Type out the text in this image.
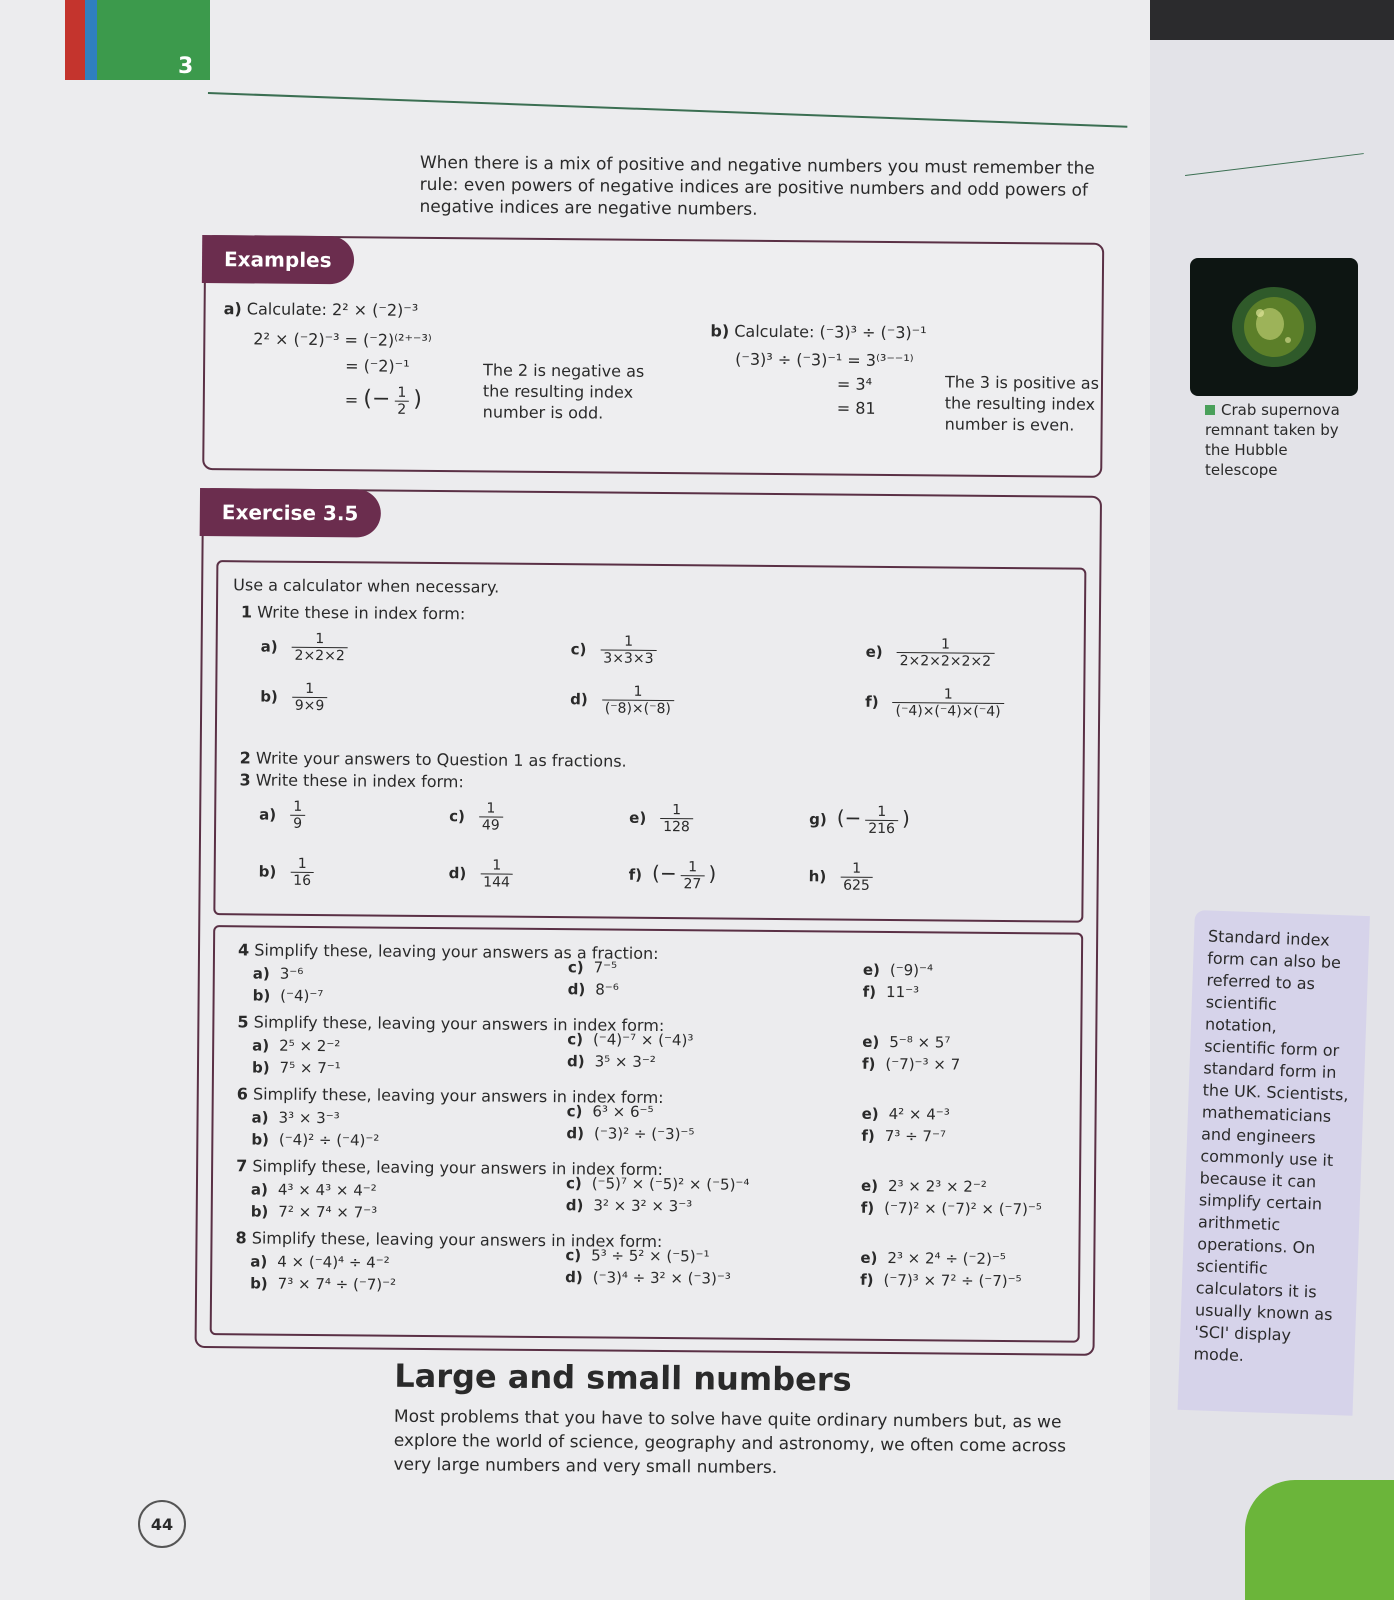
3
When there is a mix of positive and negative numbers you must remember the rule: even powers of negative indices are positive numbers and odd powers of negative indices are negative numbers.
a) Calculate: 2² × (⁻2)⁻³
2² × (⁻2)⁻³ = (⁻2)⁽²⁺⁻³⁾
= (⁻2)⁻¹
= (− $\frac{1}{2}$ )
The 2 is negative as the resulting index number is odd.
b) Calculate: (⁻3)³ ÷ (⁻3)⁻¹
(⁻3)³ ÷ (⁻3)⁻¹ = 3⁽³⁻⁻¹⁾
= 3⁴
= 81
The 3 is positive as the resulting index number is even.
Examples
Exercise 3.5
Use a calculator when necessary.
1 Write these in index form:
$a) \frac{1}{2\times 2\times 2}$
$b) \frac{1}{9\times 9}$
$c) \frac{1}{3\times 3\times 3}$
$d) \frac{1}{(^-8)\times(^-8)}$
$e) \frac{1}{2\times 2\times 2\times 2\times 2}$
$f) \frac{1}{(^-4)\times(^-4)\times(^-4)}$
2 Write your answers to Question 1 as fractions.
3 Write these in index form:
$a) \frac{1}{9}$
$b) \frac{1}{16}$
$c) \frac{1}{49}$
$d) \frac{1}{144}$
$e) \frac{1}{128}$
f) (− $\frac{1}{27}$ )
g) (− $\frac{1}{216}$ )
$h) \frac{1}{625}$
4 Simplify these, leaving your answers as a fraction:
a) 3⁻⁶
b) (⁻4)⁻⁷
c) 7⁻⁵
d) 8⁻⁶
e) (⁻9)⁻⁴
f) 11⁻³
5 Simplify these, leaving your answers in index form:
a) 2⁵ × 2⁻²
b) 7⁵ × 7⁻¹
c) (⁻4)⁻⁷ × (⁻4)³
d) 3⁵ × 3⁻²
e) 5⁻⁸ × 5⁷
f) (⁻7)⁻³ × 7
6 Simplify these, leaving your answers in index form:
a) 3³ × 3⁻³
b) (⁻4)² ÷ (⁻4)⁻²
c) 6³ × 6⁻⁵
d) (⁻3)² ÷ (⁻3)⁻⁵
e) 4² × 4⁻³
f) 7³ ÷ 7⁻⁷
7 Simplify these, leaving your answers in index form:
a) 4³ × 4³ × 4⁻²
b) 7² × 7⁴ × 7⁻³
c) (⁻5)⁷ × (⁻5)² × (⁻5)⁻⁴
d) 3² × 3² × 3⁻³
e) 2³ × 2³ × 2⁻²
f) (⁻7)² × (⁻7)² × (⁻7)⁻⁵
8 Simplify these, leaving your answers in index form:
a) 4 × (⁻4)⁴ ÷ 4⁻²
b) 7³ × 7⁴ ÷ (⁻7)⁻²
c) 5³ ÷ 5² × (⁻5)⁻¹
d) (⁻3)⁴ ÷ 3² × (⁻3)⁻³
e) 2³ × 2⁴ ÷ (⁻2)⁻⁵
f) (⁻7)³ × 7² ÷ (⁻7)⁻⁵
Large and small numbers
Most problems that you have to solve have quite ordinary numbers but, as we explore the world of science, geography and astronomy, we often come across very large numbers and very small numbers.
44
Crab supernova remnant taken by the Hubble telescope
Standard index form can also be referred to as scientific notation, scientific form or standard form in the UK. Scientists, mathematicians and engineers commonly use it because it can simplify certain arithmetic operations. On scientific calculators it is usually known as 'SCI' display mode.
